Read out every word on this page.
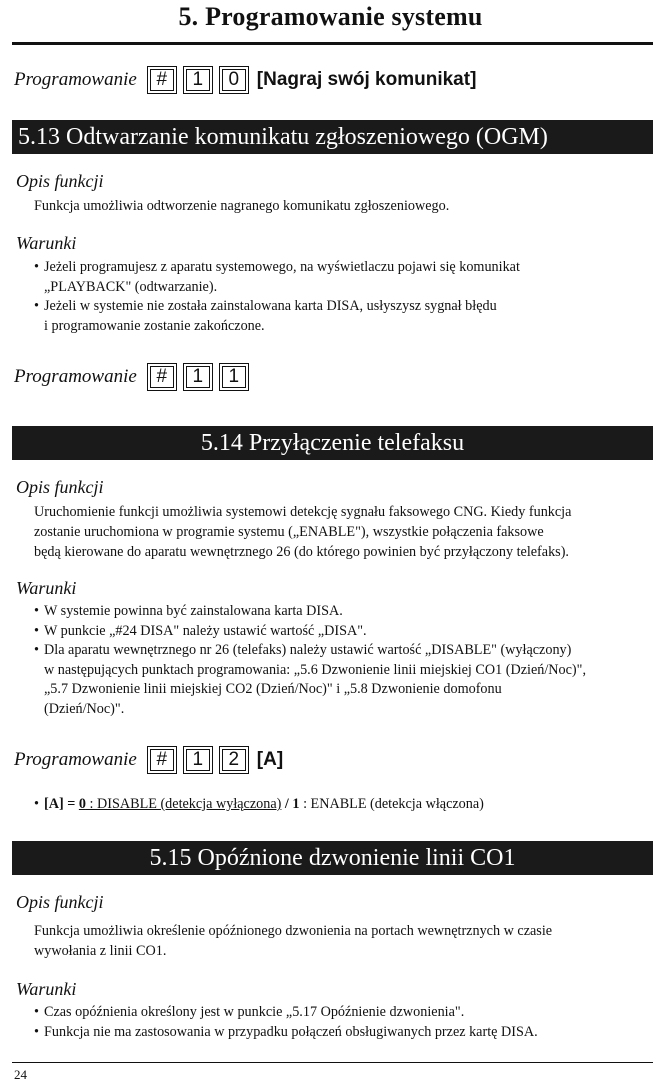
5. Programowanie systemu
Programowanie # 1 0 [Nagraj swój komunikat]
5.13 Odtwarzanie komunikatu zgłoszeniowego (OGM)
Opis funkcji
Funkcja umożliwia odtworzenie nagranego komunikatu zgłoszeniowego.
Warunki
• Jeżeli programujesz z aparatu systemowego, na wyświetlaczu pojawi się komunikat
„PLAYBACK" (odtwarzanie).
• Jeżeli w systemie nie została zainstalowana karta DISA, usłyszysz sygnał błędu
i programowanie zostanie zakończone.
Programowanie # 1 1
5.14 Przyłączenie telefaksu
Opis funkcji
Uruchomienie funkcji umożliwia systemowi detekcję sygnału faksowego CNG. Kiedy funkcja
zostanie uruchomiona w programie systemu („ENABLE"), wszystkie połączenia faksowe
będą kierowane do aparatu wewnętrznego 26 (do którego powinien być przyłączony telefaks).
Warunki
• W systemie powinna być zainstalowana karta DISA.
• W punkcie „#24 DISA" należy ustawić wartość „DISA".
• Dla aparatu wewnętrznego nr 26 (telefaks) należy ustawić wartość „DISABLE" (wyłączony)
w następujących punktach programowania: „5.6 Dzwonienie linii miejskiej CO1 (Dzień/Noc)",
„5.7 Dzwonienie linii miejskiej CO2 (Dzień/Noc)" i „5.8 Dzwonienie domofonu
(Dzień/Noc)".
Programowanie # 1 2 [A]
• [A] = 0 : DISABLE (detekcja wyłączona) / 1 : ENABLE (detekcja włączona)
5.15 Opóźnione dzwonienie linii CO1
Opis funkcji
Funkcja umożliwia określenie opóźnionego dzwonienia na portach wewnętrznych w czasie
wywołania z linii CO1.
Warunki
• Czas opóźnienia określony jest w punkcie „5.17 Opóźnienie dzwonienia".
• Funkcja nie ma zastosowania w przypadku połączeń obsługiwanych przez kartę DISA.
24
